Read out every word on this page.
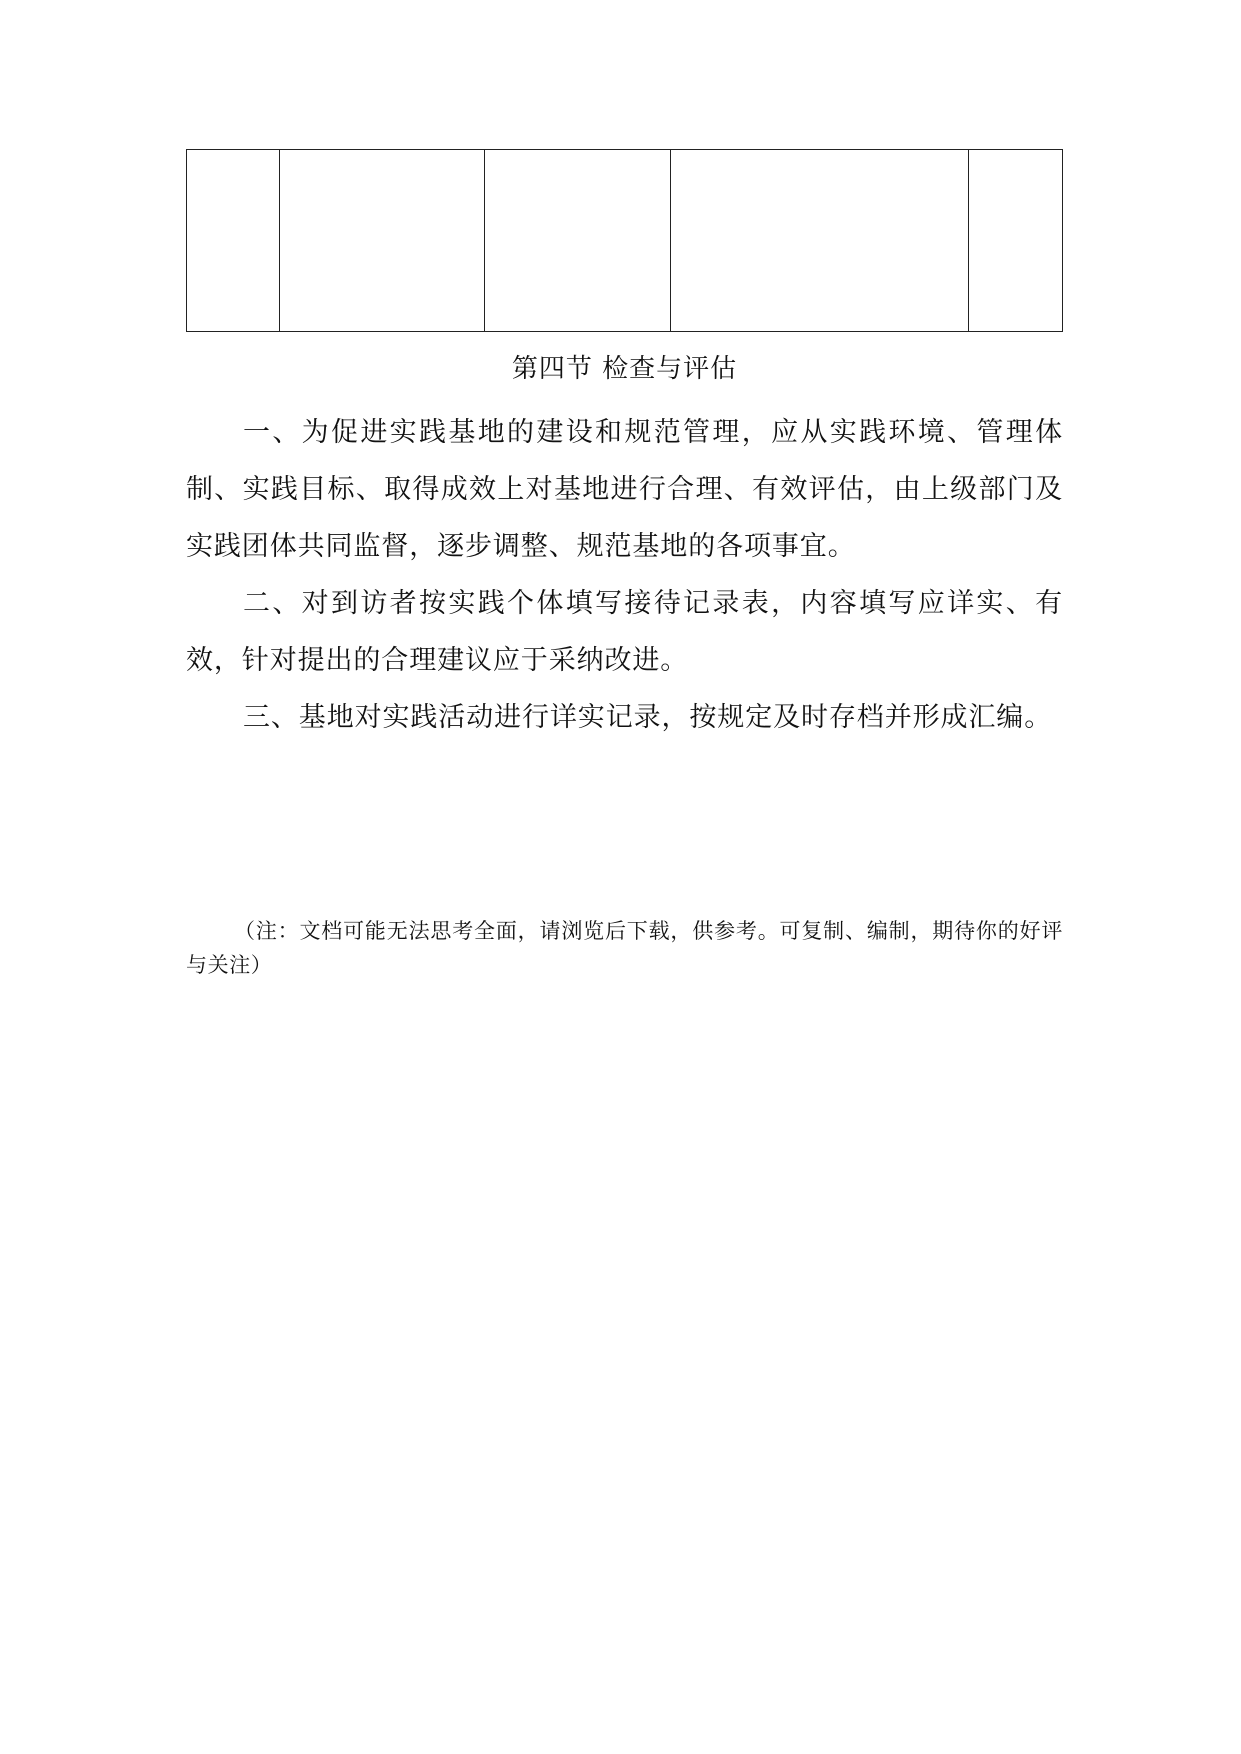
第四节 检查与评估

一、为促进实践基地的建设和规范管理，应从实践环境、管理体制、实践目标、取得成效上对基地进行合理、有效评估，由上级部门及实践团体共同监督，逐步调整、规范基地的各项事宜。

二、对到访者按实践个体填写接待记录表，内容填写应详实、有效，针对提出的合理建议应于采纳改进。

三、基地对实践活动进行详实记录，按规定及时存档并形成汇编。

（注：文档可能无法思考全面，请浏览后下载，供参考。可复制、编制，期待你的好评与关注）
